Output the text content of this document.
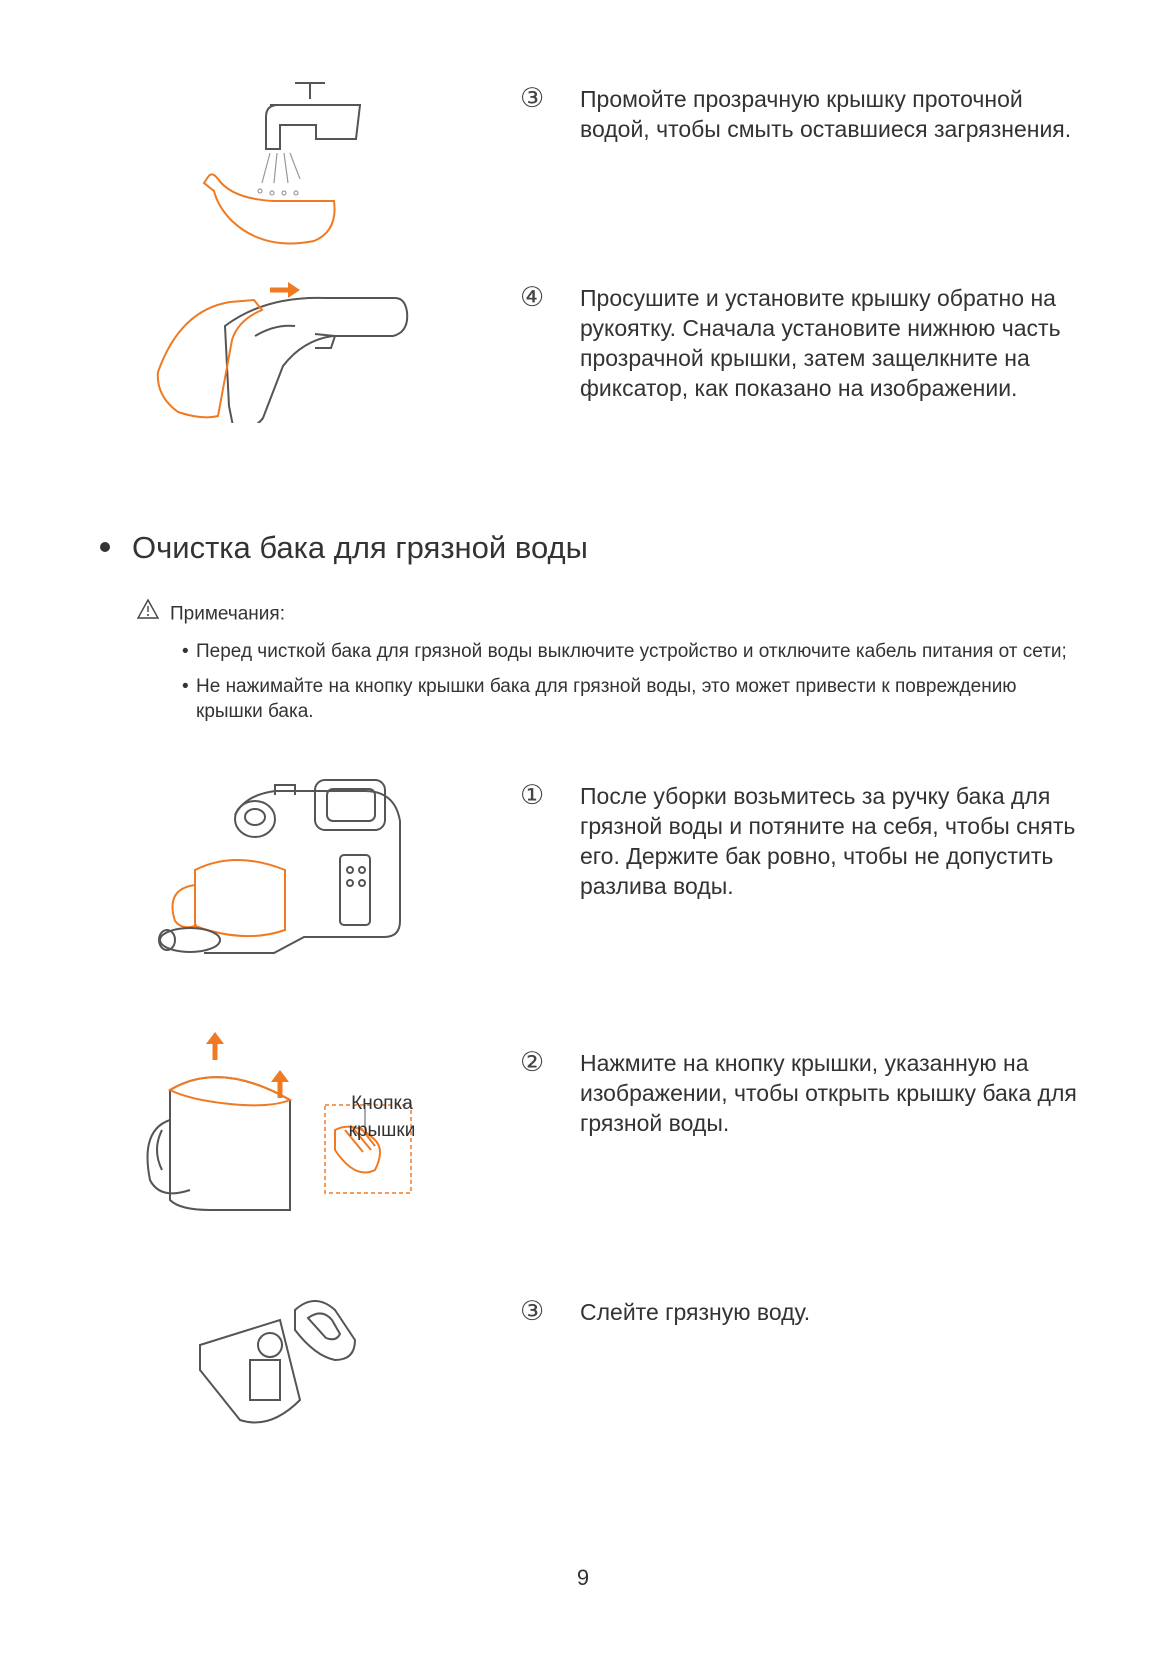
③ Промойте прозрачную крышку проточной водой, чтобы смыть оставшиеся загрязнения.
④ Просушите и установите крышку обратно на рукоятку. Сначала установите нижнюю часть прозрачной крышки, затем защелкните на фиксатор, как показано на изображении.
Очистка бака для грязной воды
Примечания:
• Перед чисткой бака для грязной воды выключите устройство и отключите кабель питания от сети;
• Не нажимайте на кнопку крышки бака для грязной воды, это может привести к повреждению крышки бака.
① После уборки возьмитесь за ручку бака для грязной воды и потяните на себя, чтобы снять его. Держите бак ровно, чтобы не допустить разлива воды.
Кнопка
крышки
② Нажмите на кнопку крышки, указанную на изображении, чтобы открыть крышку бака для грязной воды.
③ Слейте грязную воду.
9
